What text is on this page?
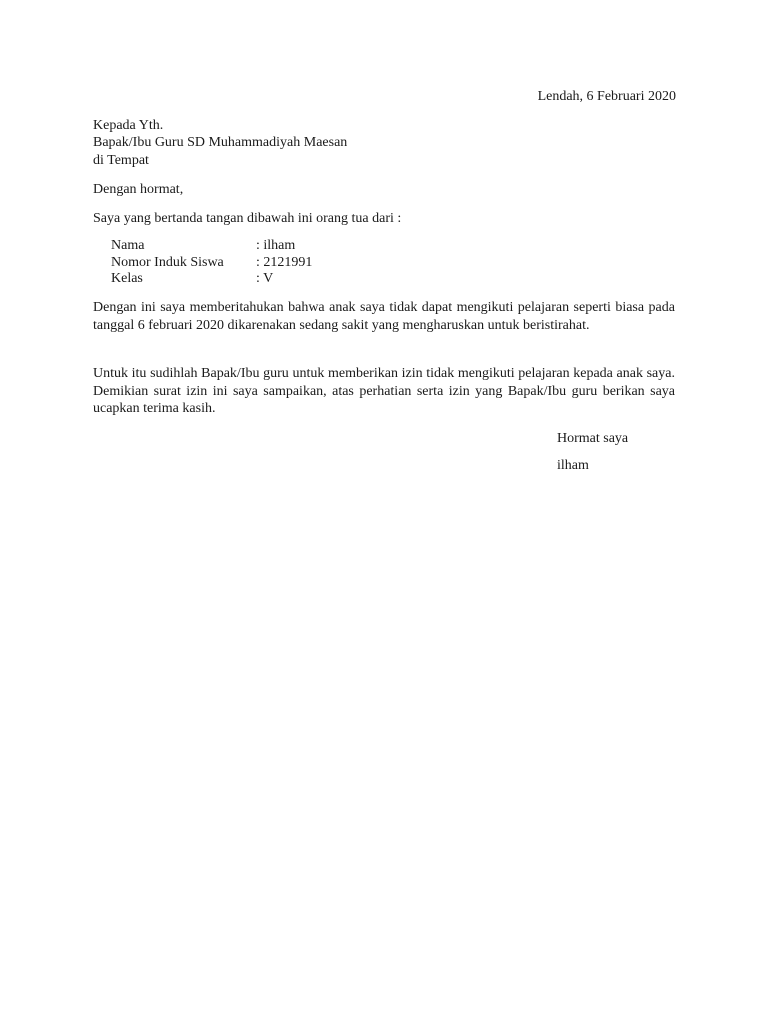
Lendah, 6 Februari 2020
Kepada Yth.
Bapak/Ibu Guru SD Muhammadiyah Maesan
di Tempat
Dengan hormat,
Saya yang bertanda tangan dibawah ini orang tua dari :
Nama	: ilham
Nomor Induk Siswa : 2121991
Kelas	: V
Dengan ini saya memberitahukan bahwa anak saya tidak dapat mengikuti pelajaran seperti biasa pada tanggal 6 februari 2020 dikarenakan sedang sakit yang mengharuskan untuk beristirahat.
Untuk itu sudihlah Bapak/Ibu guru untuk memberikan izin tidak mengikuti pelajaran kepada anak saya. Demikian surat izin ini saya sampaikan, atas perhatian serta izin yang Bapak/Ibu guru berikan saya ucapkan terima kasih.
Hormat saya
ilham
